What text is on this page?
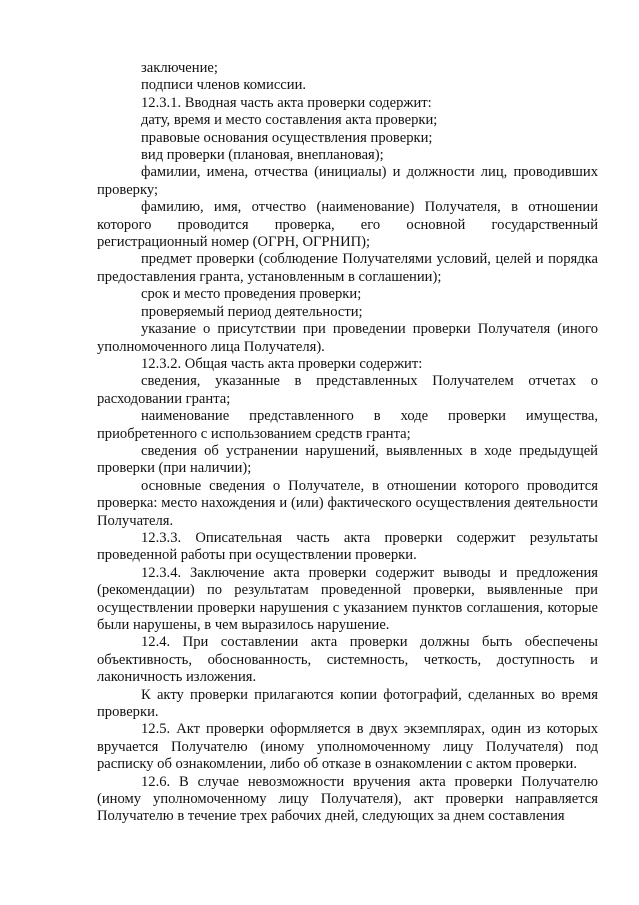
заключение;

подписи членов комиссии.

12.3.1. Вводная часть акта проверки содержит:

дату, время и место составления акта проверки;

правовые основания осуществления проверки;

вид проверки (плановая, внеплановая);

фамилии, имена, отчества (инициалы) и должности лиц, проводивших проверку;

фамилию, имя, отчество (наименование) Получателя, в отношении которого проводится проверка, его основной государственный регистрационный номер (ОГРН, ОГРНИП);

предмет проверки (соблюдение Получателями условий, целей и порядка предоставления гранта, установленным в соглашении);

срок и место проведения проверки;

проверяемый период деятельности;

указание о присутствии при проведении проверки Получателя (иного уполномоченного лица Получателя).

12.3.2. Общая часть акта проверки содержит:

сведения, указанные в представленных Получателем отчетах о расходовании гранта;

наименование представленного в ходе проверки имущества, приобретенного с использованием средств гранта;

сведения об устранении нарушений, выявленных в ходе предыдущей проверки (при наличии);

основные сведения о Получателе, в отношении которого проводится проверка: место нахождения и (или) фактического осуществления деятельности Получателя.

12.3.3. Описательная часть акта проверки содержит результаты проведенной работы при осуществлении проверки.

12.3.4. Заключение акта проверки содержит выводы и предложения (рекомендации) по результатам проведенной проверки, выявленные при осуществлении проверки нарушения с указанием пунктов соглашения, которые были нарушены, в чем выразилось нарушение.

12.4. При составлении акта проверки должны быть обеспечены объективность, обоснованность, системность, четкость, доступность и лаконичность изложения.

К акту проверки прилагаются копии фотографий, сделанных во время проверки.

12.5. Акт проверки оформляется в двух экземплярах, один из которых вручается Получателю (иному уполномоченному лицу Получателя) под расписку об ознакомлении, либо об отказе в ознакомлении с актом проверки.

12.6. В случае невозможности вручения акта проверки Получателю (иному уполномоченному лицу Получателя), акт проверки направляется Получателю в течение трех рабочих дней, следующих за днем составления
